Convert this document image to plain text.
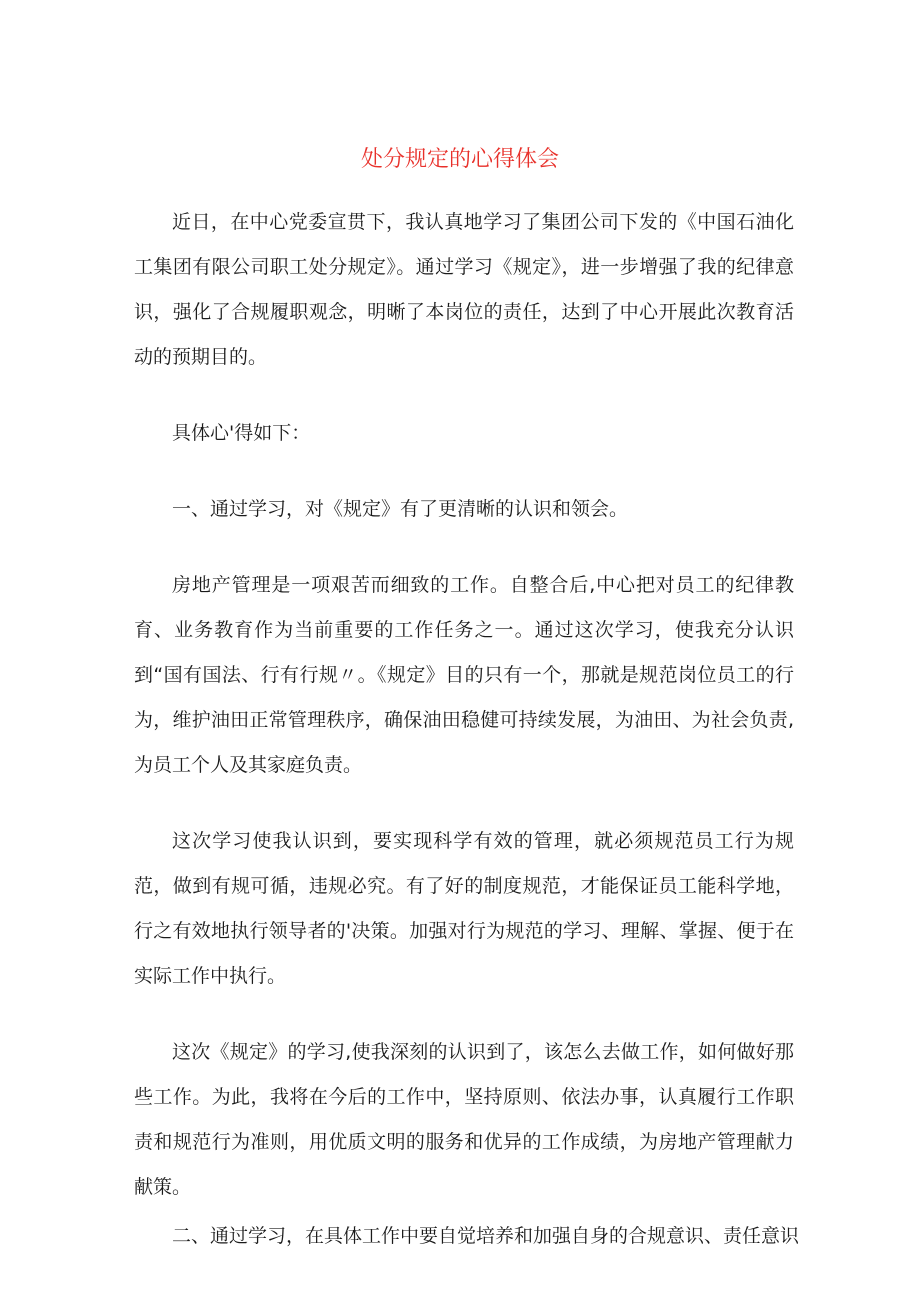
处分规定的心得体会

近日，在中心党委宣贯下，我认真地学习了集团公司下发的《中国石油化工集团有限公司职工处分规定》。通过学习《规定》，进一步增强了我的纪律意识，强化了合规履职观念，明晰了本岗位的责任，达到了中心开展此次教育活动的预期目的。

具体心'得如下：

一、通过学习，对《规定》有了更清晰的认识和领会。

房地产管理是一项艰苦而细致的工作。自整合后,中心把对员工的纪律教育、业务教育作为当前重要的工作任务之一。通过这次学习，使我充分认识到“国有国法、行有行规〃。《规定》目的只有一个，那就是规范岗位员工的行为，维护油田正常管理秩序，确保油田稳健可持续发展，为油田、为社会负责,为员工个人及其家庭负责。

这次学习使我认识到，要实现科学有效的管理，就必须规范员工行为规范，做到有规可循，违规必究。有了好的制度规范，才能保证员工能科学地，行之有效地执行领导者的'决策。加强对行为规范的学习、理解、掌握、便于在实际工作中执行。

这次《规定》的学习,使我深刻的认识到了，该怎么去做工作，如何做好那些工作。为此，我将在今后的工作中，坚持原则、依法办事，认真履行工作职责和规范行为准则，用优质文明的服务和优异的工作成绩，为房地产管理献力献策。

二、通过学习，在具体工作中要自觉培养和加强自身的合规意识、责任意识
